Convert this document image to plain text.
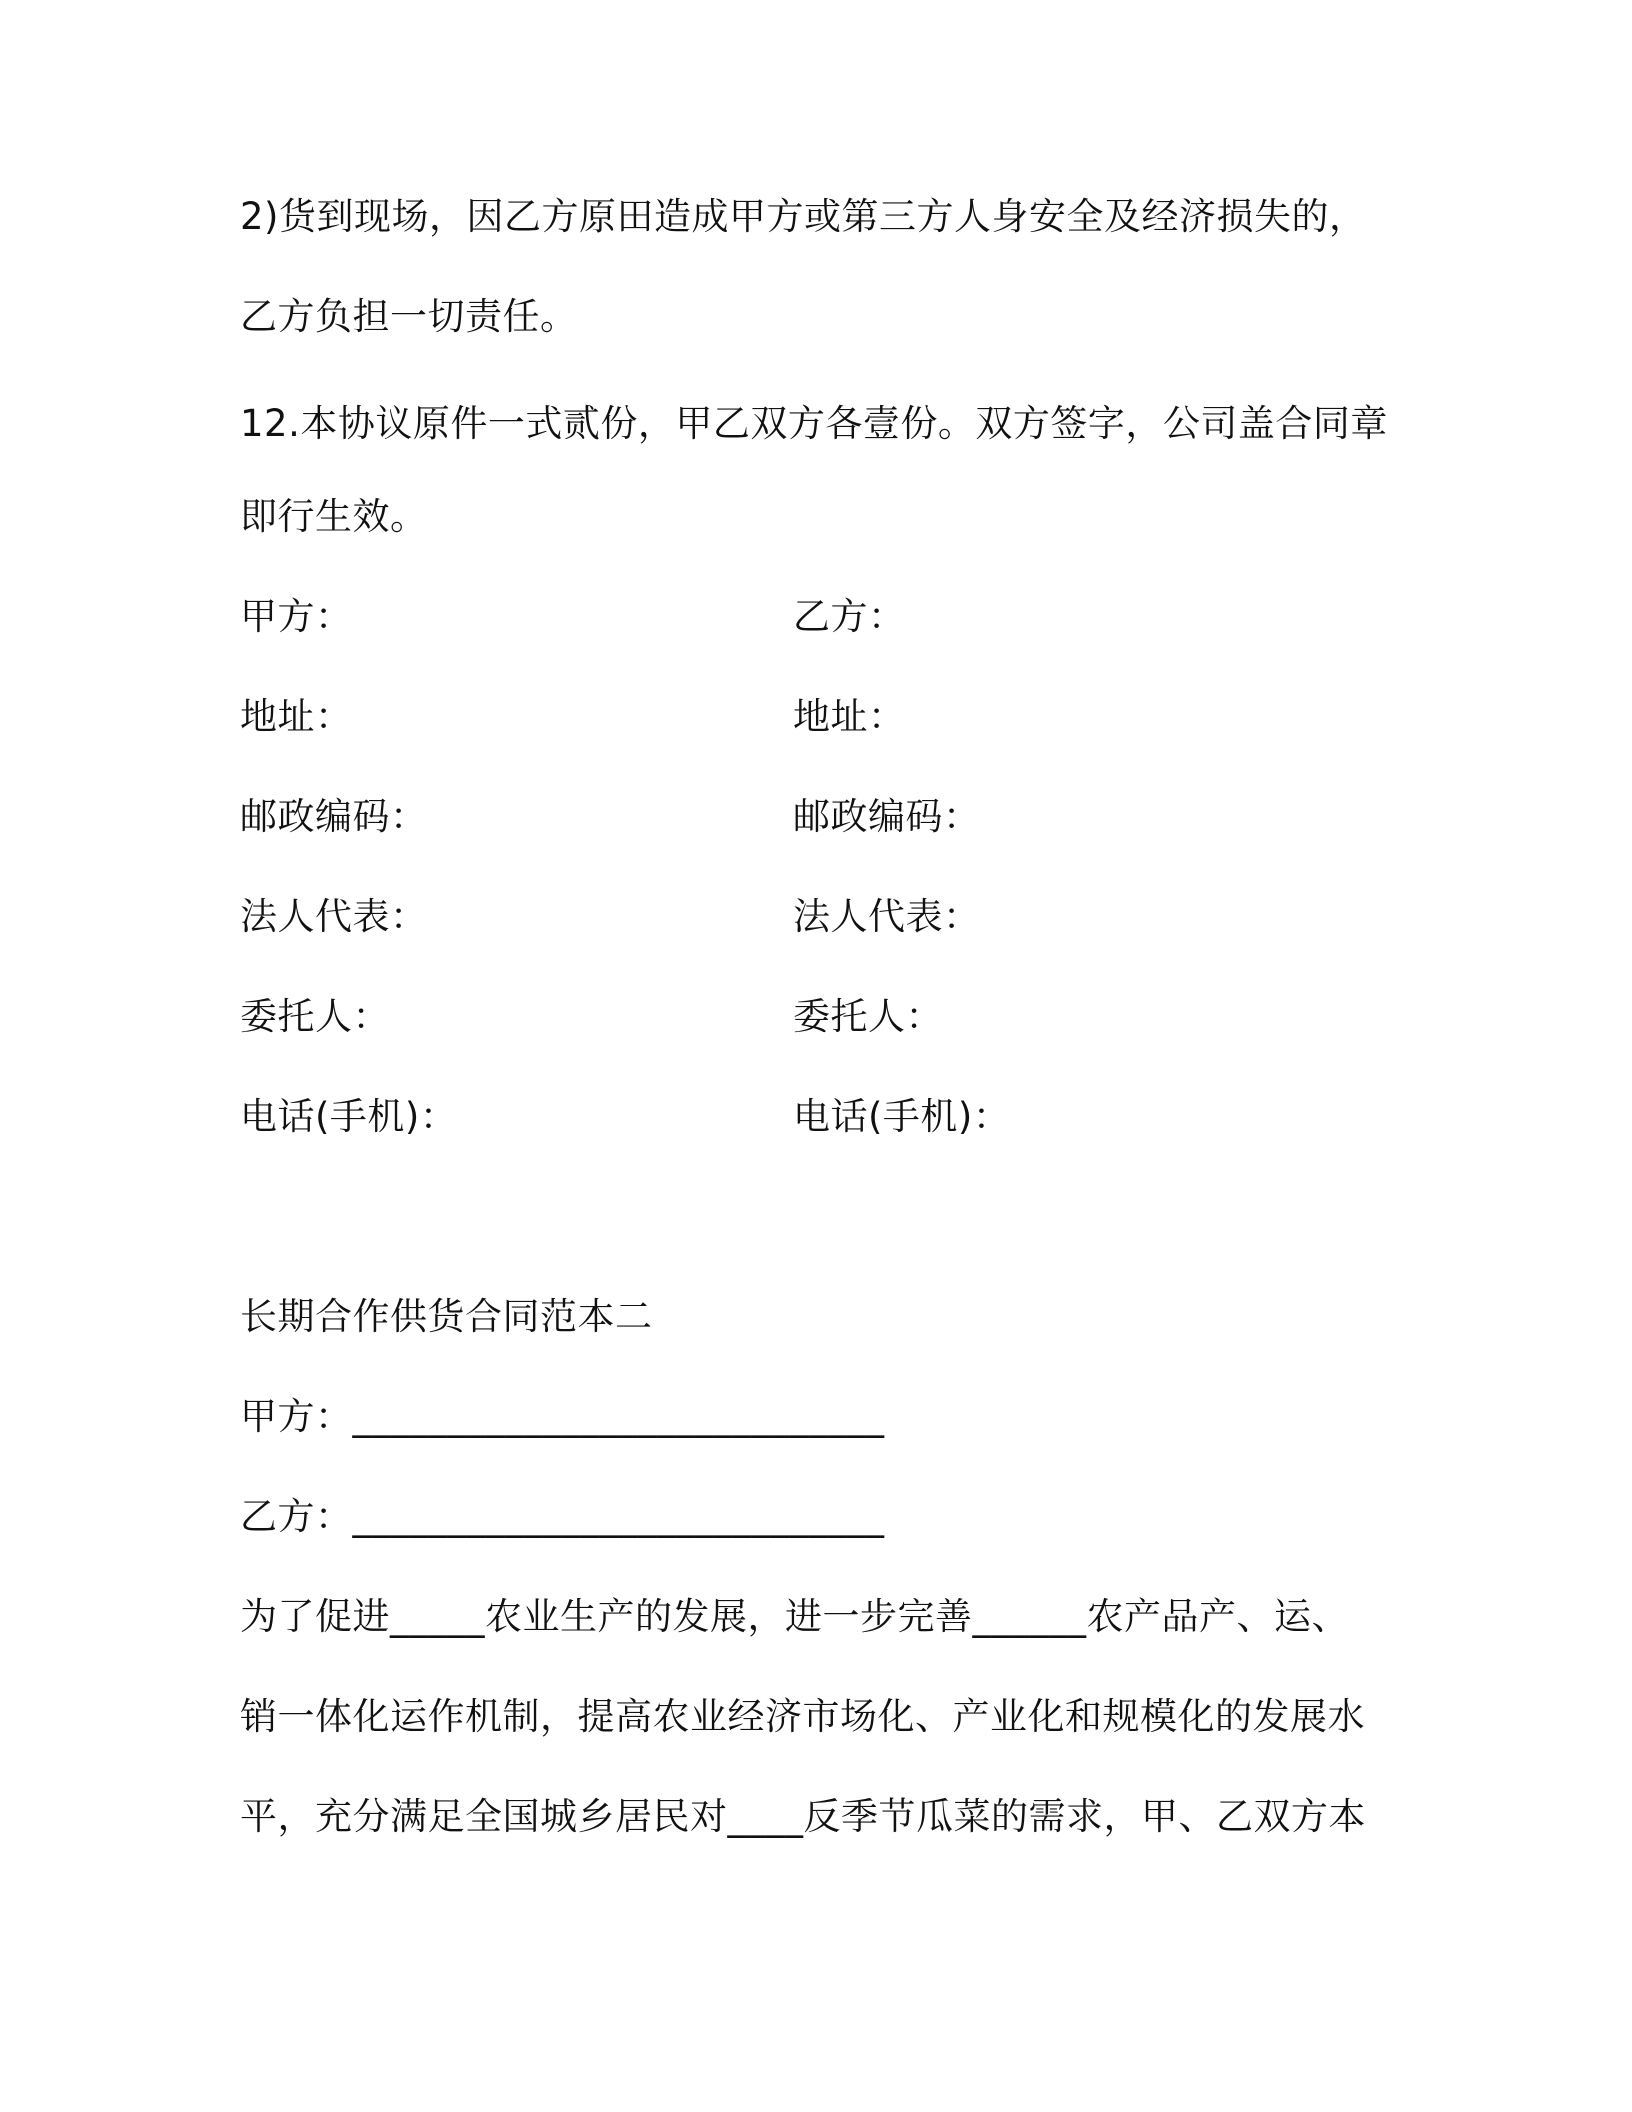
2)货到现场，因乙方原田造成甲方或第三方人身安全及经济损失的，

乙方负担一切责任。

12.本协议原件一式贰份，甲乙双方各壹份。双方签字，公司盖合同章

即行生效。

甲方：

地址：

邮政编码：

法人代表：

委托人：

电话(手机)：

乙方：

地址：

邮政编码：

法人代表：

委托人：

电话(手机)：

长期合作供货合同范本二

甲方：____________________________

乙方：____________________________

为了促进_____农业生产的发展，进一步完善______农产品产、运、

销一体化运作机制，提高农业经济市场化、产业化和规模化的发展水

平，充分满足全国城乡居民对____反季节瓜菜的需求，甲、乙双方本
